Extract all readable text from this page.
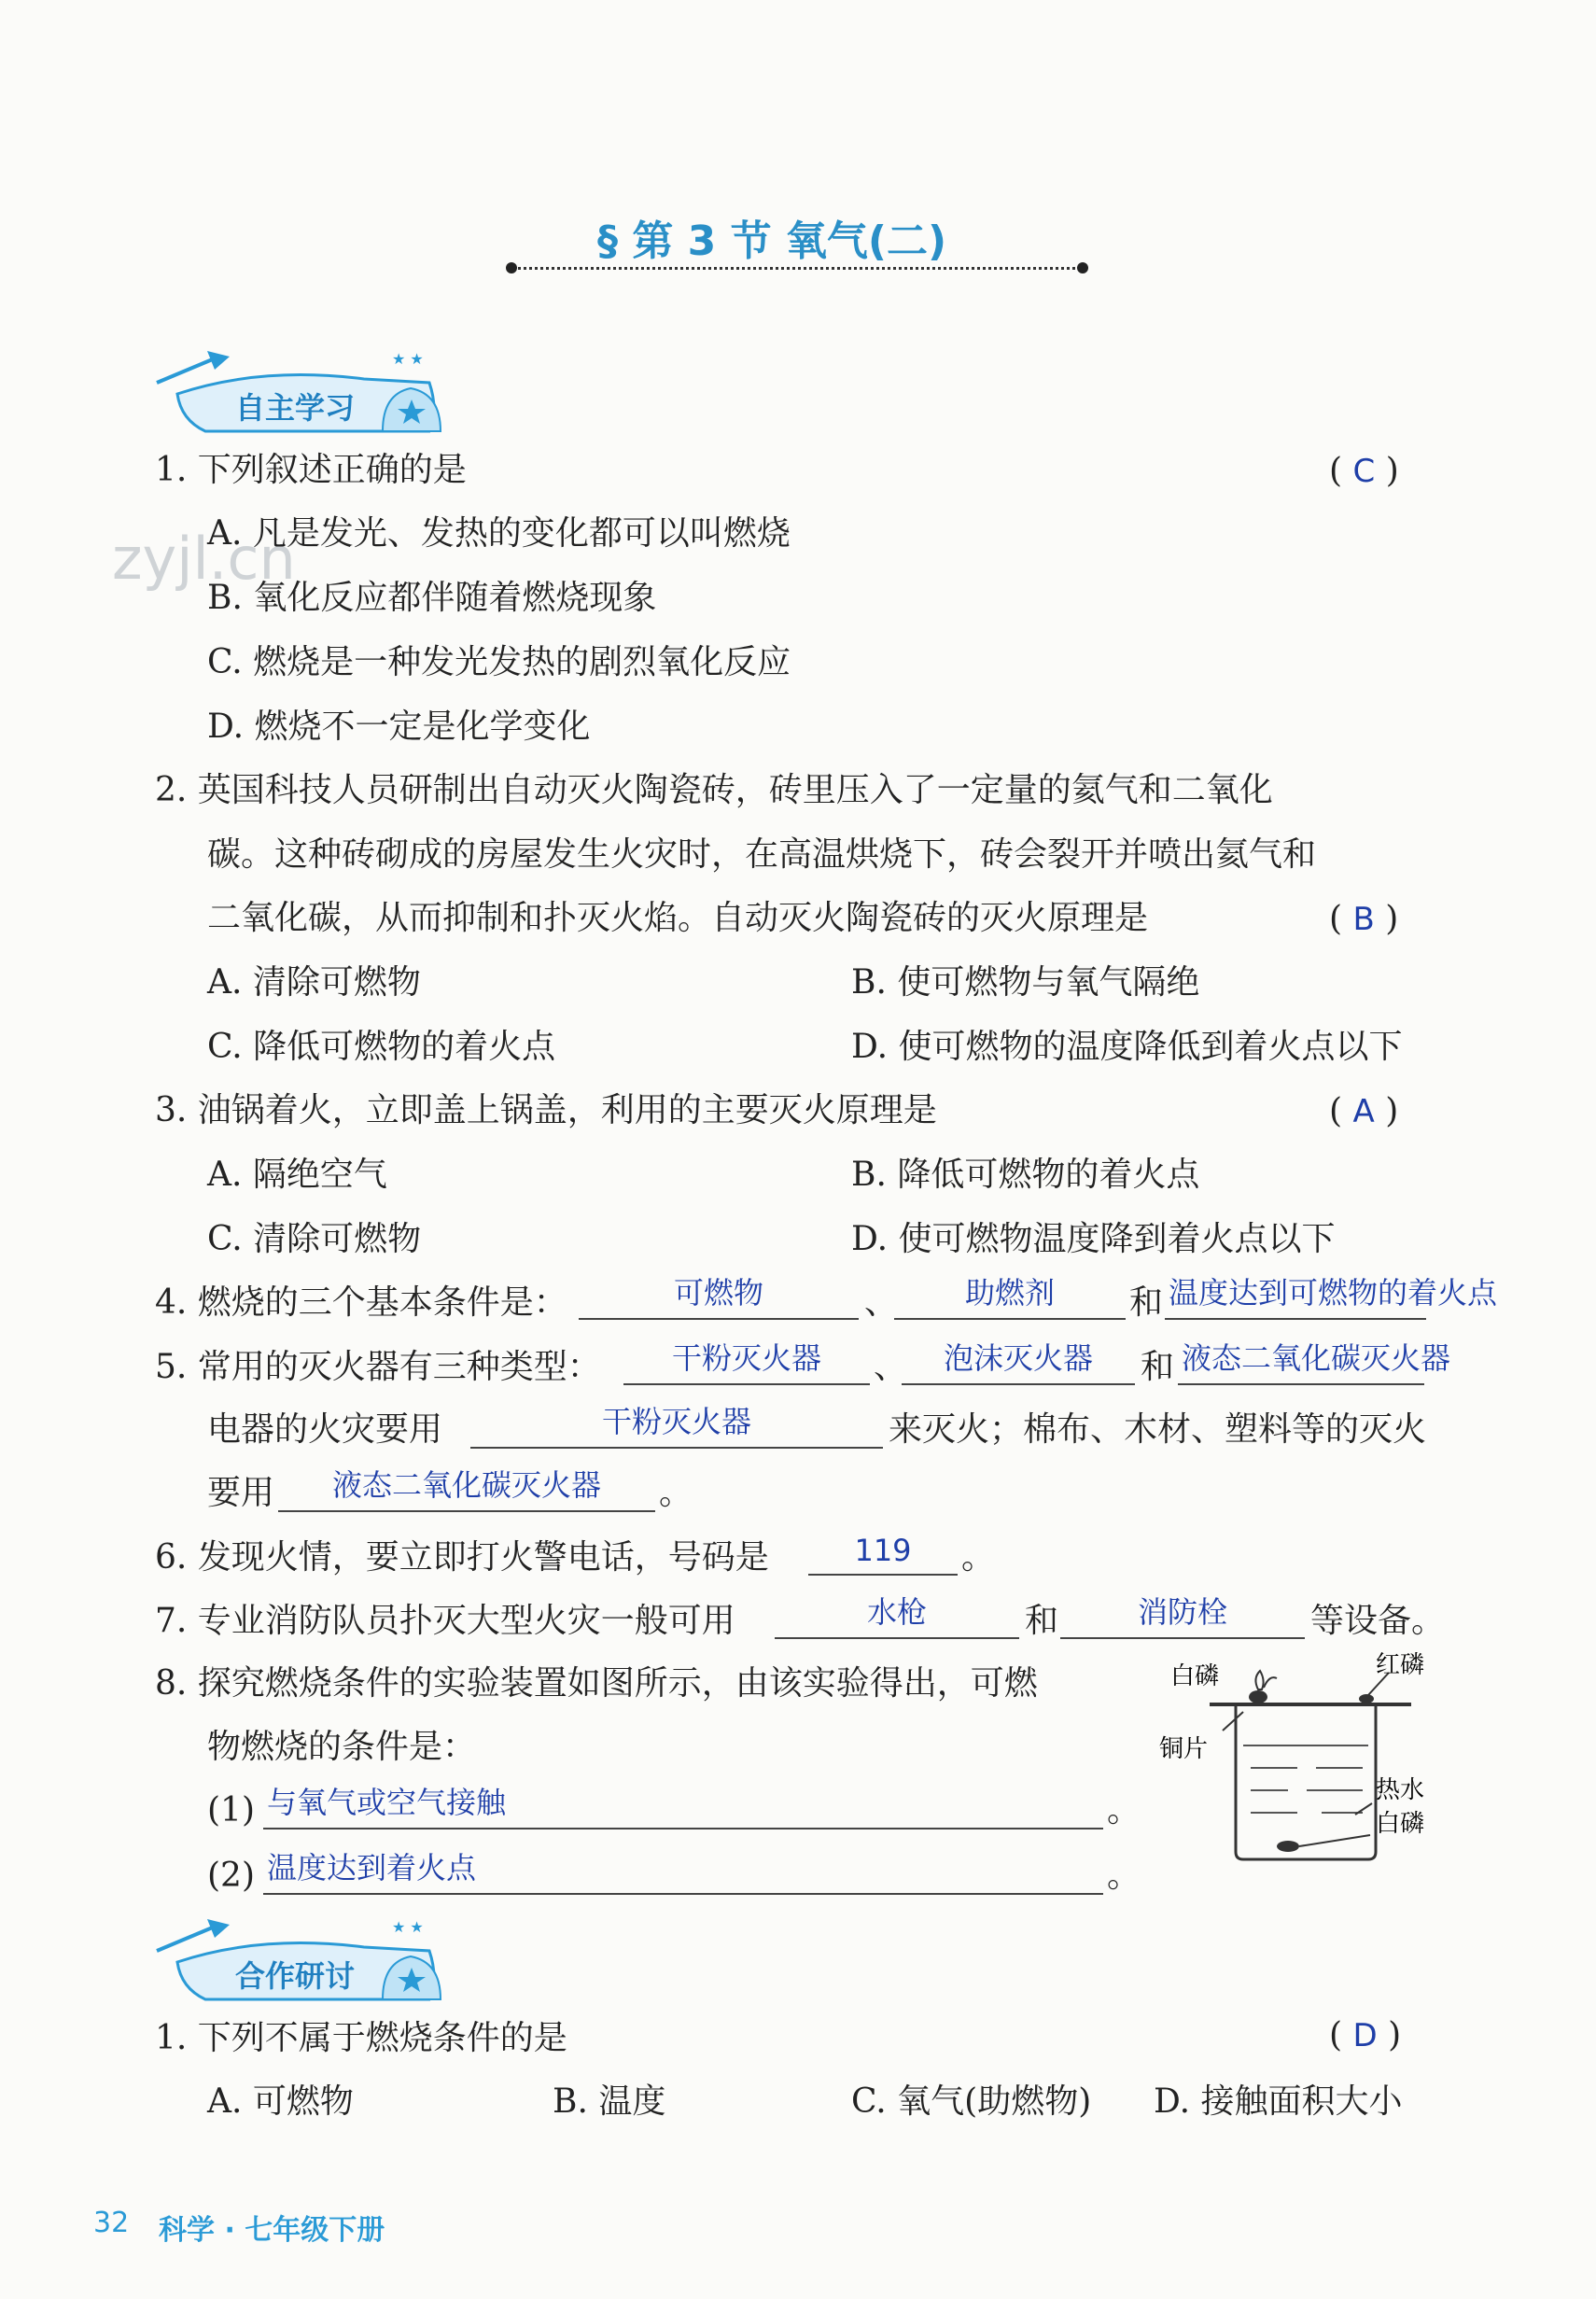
§ 第 3 节 氧气(二)
★ ★
自主学习
zyjl.cn
1. 下列叙述正确的是	( C )
A. 凡是发光、发热的变化都可以叫燃烧
B. 氧化反应都伴随着燃烧现象
C. 燃烧是一种发光发热的剧烈氧化反应
D. 燃烧不一定是化学变化
2. 英国科技人员研制出自动灭火陶瓷砖，砖里压入了一定量的氦气和二氧化
碳。这种砖砌成的房屋发生火灾时，在高温烘烧下，砖会裂开并喷出氦气和
二氧化碳，从而抑制和扑灭火焰。自动灭火陶瓷砖的灭火原理是	( B )
A. 清除可燃物	B. 使可燃物与氧气隔绝
C. 降低可燃物的着火点	D. 使可燃物的温度降低到着火点以下
3. 油锅着火，立即盖上锅盖，利用的主要灭火原理是	( A )
A. 隔绝空气	B. 降低可燃物的着火点
C. 清除可燃物	D. 使可燃物温度降到着火点以下
4. 燃烧的三个基本条件是：	可燃物	、	助燃剂	和 温度达到可燃物的着火点
5. 常用的灭火器有三种类型：	干粉灭火器	、	泡沫灭火器	和 液态二氧化碳灭火器
电器的火灾要用	干粉灭火器	来灭火；棉布、木材、塑料等的灭火
要用	液态二氧化碳灭火器	。
6. 发现火情，要立即打火警电话，号码是	119	。
7. 专业消防队员扑灭大型火灾一般可用	水枪	和	消防栓	等设备。
8. 探究燃烧条件的实验装置如图所示，由该实验得出，可燃
物燃烧的条件是：
(1) 与氧气或空气接触	。
(2) 温度达到着火点	。
白磷	红磷
铜片
热水
白磷
★ ★
合作研讨
1. 下列不属于燃烧条件的是	( D )
A. 可燃物	B. 温度	C. 氧气(助燃物) D. 接触面积大小
32 科学 · 七年级下册
